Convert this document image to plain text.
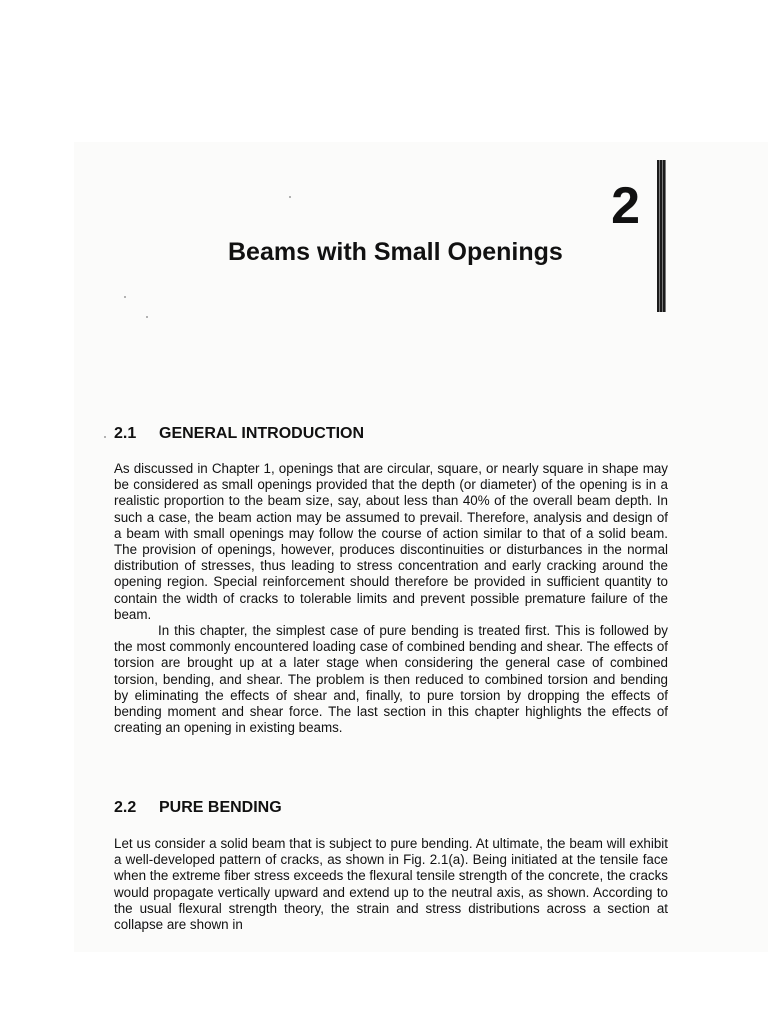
2
Beams with Small Openings
2.1 GENERAL INTRODUCTION

As discussed in Chapter 1, openings that are circular, square, or nearly square in shape may be considered as small openings provided that the depth (or diameter) of the opening is in a realistic proportion to the beam size, say, about less than 40% of the overall beam depth. In such a case, the beam action may be assumed to prevail. Therefore, analysis and design of a beam with small openings may follow the course of action similar to that of a solid beam. The provision of openings, however, produces discontinuities or disturbances in the normal distribution of stresses, thus leading to stress concentration and early cracking around the opening region. Special reinforcement should therefore be provided in sufficient quantity to contain the width of cracks to tolerable limits and prevent possible premature failure of the beam.

In this chapter, the simplest case of pure bending is treated first. This is followed by the most commonly encountered loading case of combined bending and shear. The effects of torsion are brought up at a later stage when considering the general case of combined torsion, bending, and shear. The problem is then reduced to combined torsion and bending by eliminating the effects of shear and, finally, to pure torsion by dropping the effects of bending moment and shear force. The last section in this chapter highlights the effects of creating an opening in existing beams.

2.2 PURE BENDING

Let us consider a solid beam that is subject to pure bending. At ultimate, the beam will exhibit a well-developed pattern of cracks, as shown in Fig. 2.1(a). Being initiated at the tensile face when the extreme fiber stress exceeds the flexural tensile strength of the concrete, the cracks would propagate vertically upward and extend up to the neutral axis, as shown. According to the usual flexural strength theory, the strain and stress distributions across a section at collapse are shown in
